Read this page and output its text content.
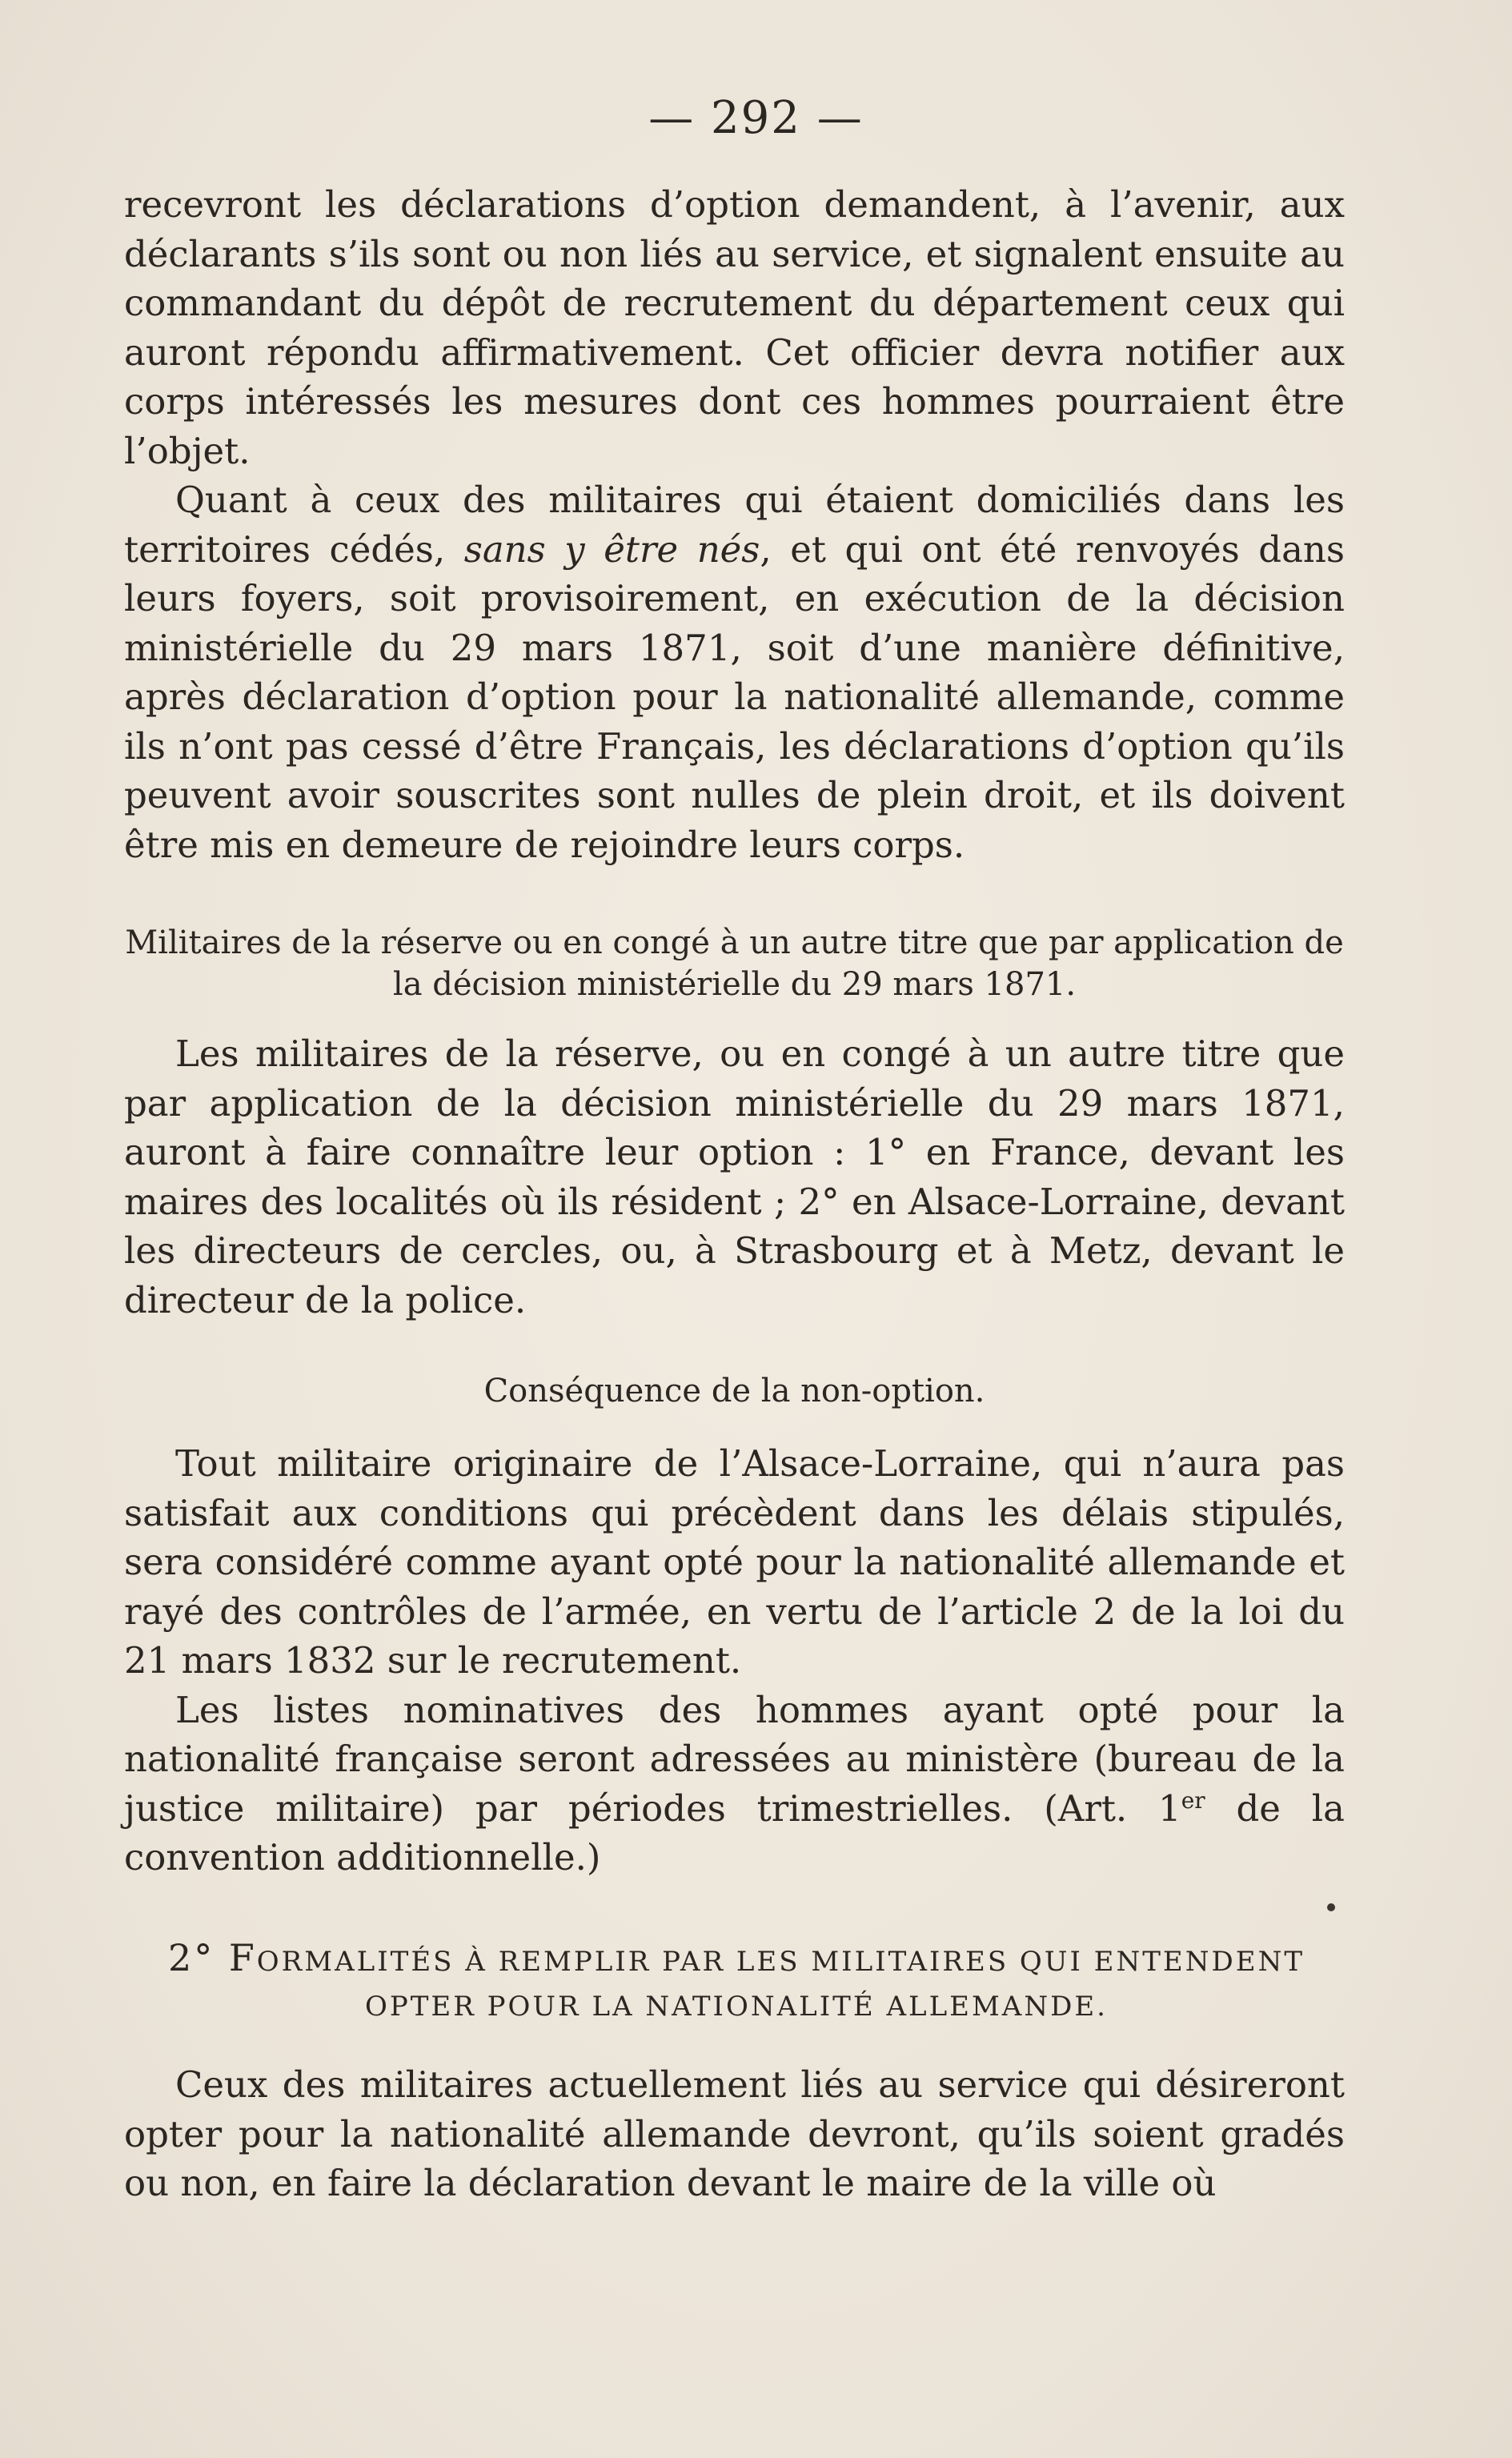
— 292 —

recevront les déclarations d’option demandent, à l’avenir, aux déclarants s’ils sont ou non liés au service, et signalent ensuite au commandant du dépôt de recrutement du département ceux qui auront répondu affirmativement. Cet officier devra notifier aux corps intéressés les mesures dont ces hommes pourraient être l’objet.

Quant à ceux des militaires qui étaient domiciliés dans les territoires cédés, sans y être nés, et qui ont été renvoyés dans leurs foyers, soit provisoirement, en exécution de la décision ministérielle du 29 mars 1871, soit d’une manière définitive, après déclaration d’option pour la nationalité allemande, comme ils n’ont pas cessé d’être Français, les déclarations d’option qu’ils peuvent avoir souscrites sont nulles de plein droit, et ils doivent être mis en demeure de rejoindre leurs corps.

Militaires de la réserve ou en congé à un autre titre que par application de la décision ministérielle du 29 mars 1871.

Les militaires de la réserve, ou en congé à un autre titre que par application de la décision ministérielle du 29 mars 1871, auront à faire connaître leur option : 1° en France, devant les maires des localités où ils résident ; 2° en Alsace-Lorraine, devant les directeurs de cercles, ou, à Strasbourg et à Metz, devant le directeur de la police.

Conséquence de la non-option.

Tout militaire originaire de l’Alsace-Lorraine, qui n’aura pas satisfait aux conditions qui précèdent dans les délais stipulés, sera considéré comme ayant opté pour la nationalité allemande et rayé des contrôles de l’armée, en vertu de l’article 2 de la loi du 21 mars 1832 sur le recrutement.

Les listes nominatives des hommes ayant opté pour la nationalité française seront adressées au ministère (bureau de la justice militaire) par périodes trimestrielles. (Art. 1er de la convention additionnelle.)

2° FORMALITÉS À REMPLIR PAR LES MILITAIRES QUI ENTENDENT OPTER POUR LA NATIONALITÉ ALLEMANDE.

Ceux des militaires actuellement liés au service qui désireront opter pour la nationalité allemande devront, qu’ils soient gradés ou non, en faire la déclaration devant le maire de la ville où
